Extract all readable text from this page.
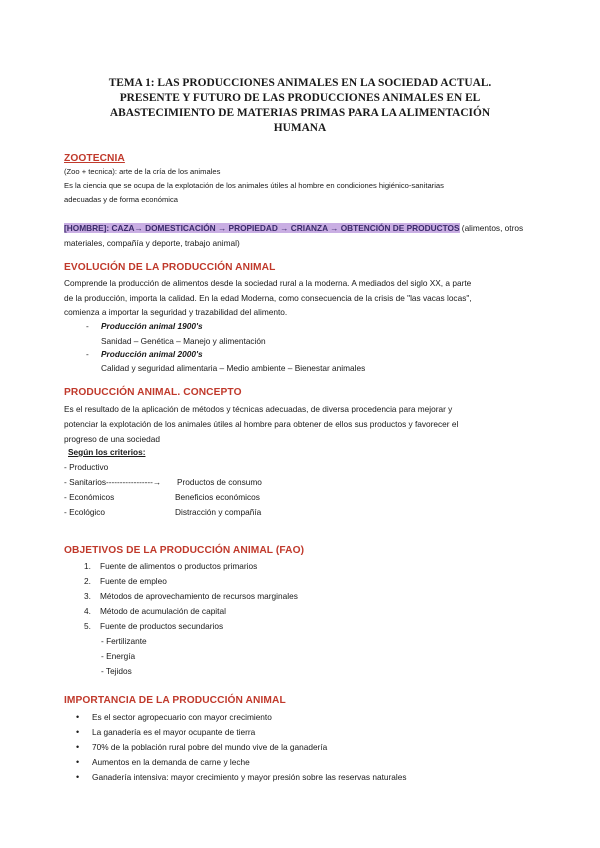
TEMA 1: LAS PRODUCCIONES ANIMALES EN LA SOCIEDAD ACTUAL.
PRESENTE Y FUTURO DE LAS PRODUCCIONES ANIMALES EN EL
ABASTECIMIENTO DE MATERIAS PRIMAS PARA LA ALIMENTACIÓN
HUMANA
ZOOTECNIA
(Zoo + tecnica): arte de la cría de los animales
Es la ciencia que se ocupa de la explotación de los animales útiles al hombre en condiciones higiénico-sanitarias
adecuadas y de forma económica
[HOMBRE]: CAZA→ DOMESTICACIÓN → PROPIEDAD → CRIANZA → OBTENCIÓN DE PRODUCTOS (alimentos, otros
materiales, compañía y deporte, trabajo animal)
EVOLUCIÓN DE LA PRODUCCIÓN ANIMAL
Comprende la producción de alimentos desde la sociedad rural a la moderna. A mediados del siglo XX, a parte
de la producción, importa la calidad. En la edad Moderna, como consecuencia de la crisis de "las vacas locas",
comienza a importar la seguridad y trazabilidad del alimento.
- Producción animal 1900's
Sanidad – Genética – Manejo y alimentación
- Producción animal 2000's
Calidad y seguridad alimentaria – Medio ambiente – Bienestar animales
PRODUCCIÓN ANIMAL. CONCEPTO
Es el resultado de la aplicación de métodos y técnicas adecuadas, de diversa procedencia para mejorar y
potenciar la explotación de los animales útiles al hombre para obtener de ellos sus productos y favorecer el
progreso de una sociedad
Según los criterios:
- Productivo
- Sanitarios-----------------→ Productos de consumo
- Económicos	Beneficios económicos
- Ecológico	Distracción y compañía
OBJETIVOS DE LA PRODUCCIÓN ANIMAL (FAO)
1. Fuente de alimentos o productos primarios
2. Fuente de empleo
3. Métodos de aprovechamiento de recursos marginales
4. Método de acumulación de capital
5. Fuente de productos secundarios
- Fertilizante
- Energía
- Tejidos
IMPORTANCIA DE LA PRODUCCIÓN ANIMAL
• Es el sector agropecuario con mayor crecimiento
• La ganadería es el mayor ocupante de tierra
• 70% de la población rural pobre del mundo vive de la ganadería
• Aumentos en la demanda de carne y leche
• Ganadería intensiva: mayor crecimiento y mayor presión sobre las reservas naturales
